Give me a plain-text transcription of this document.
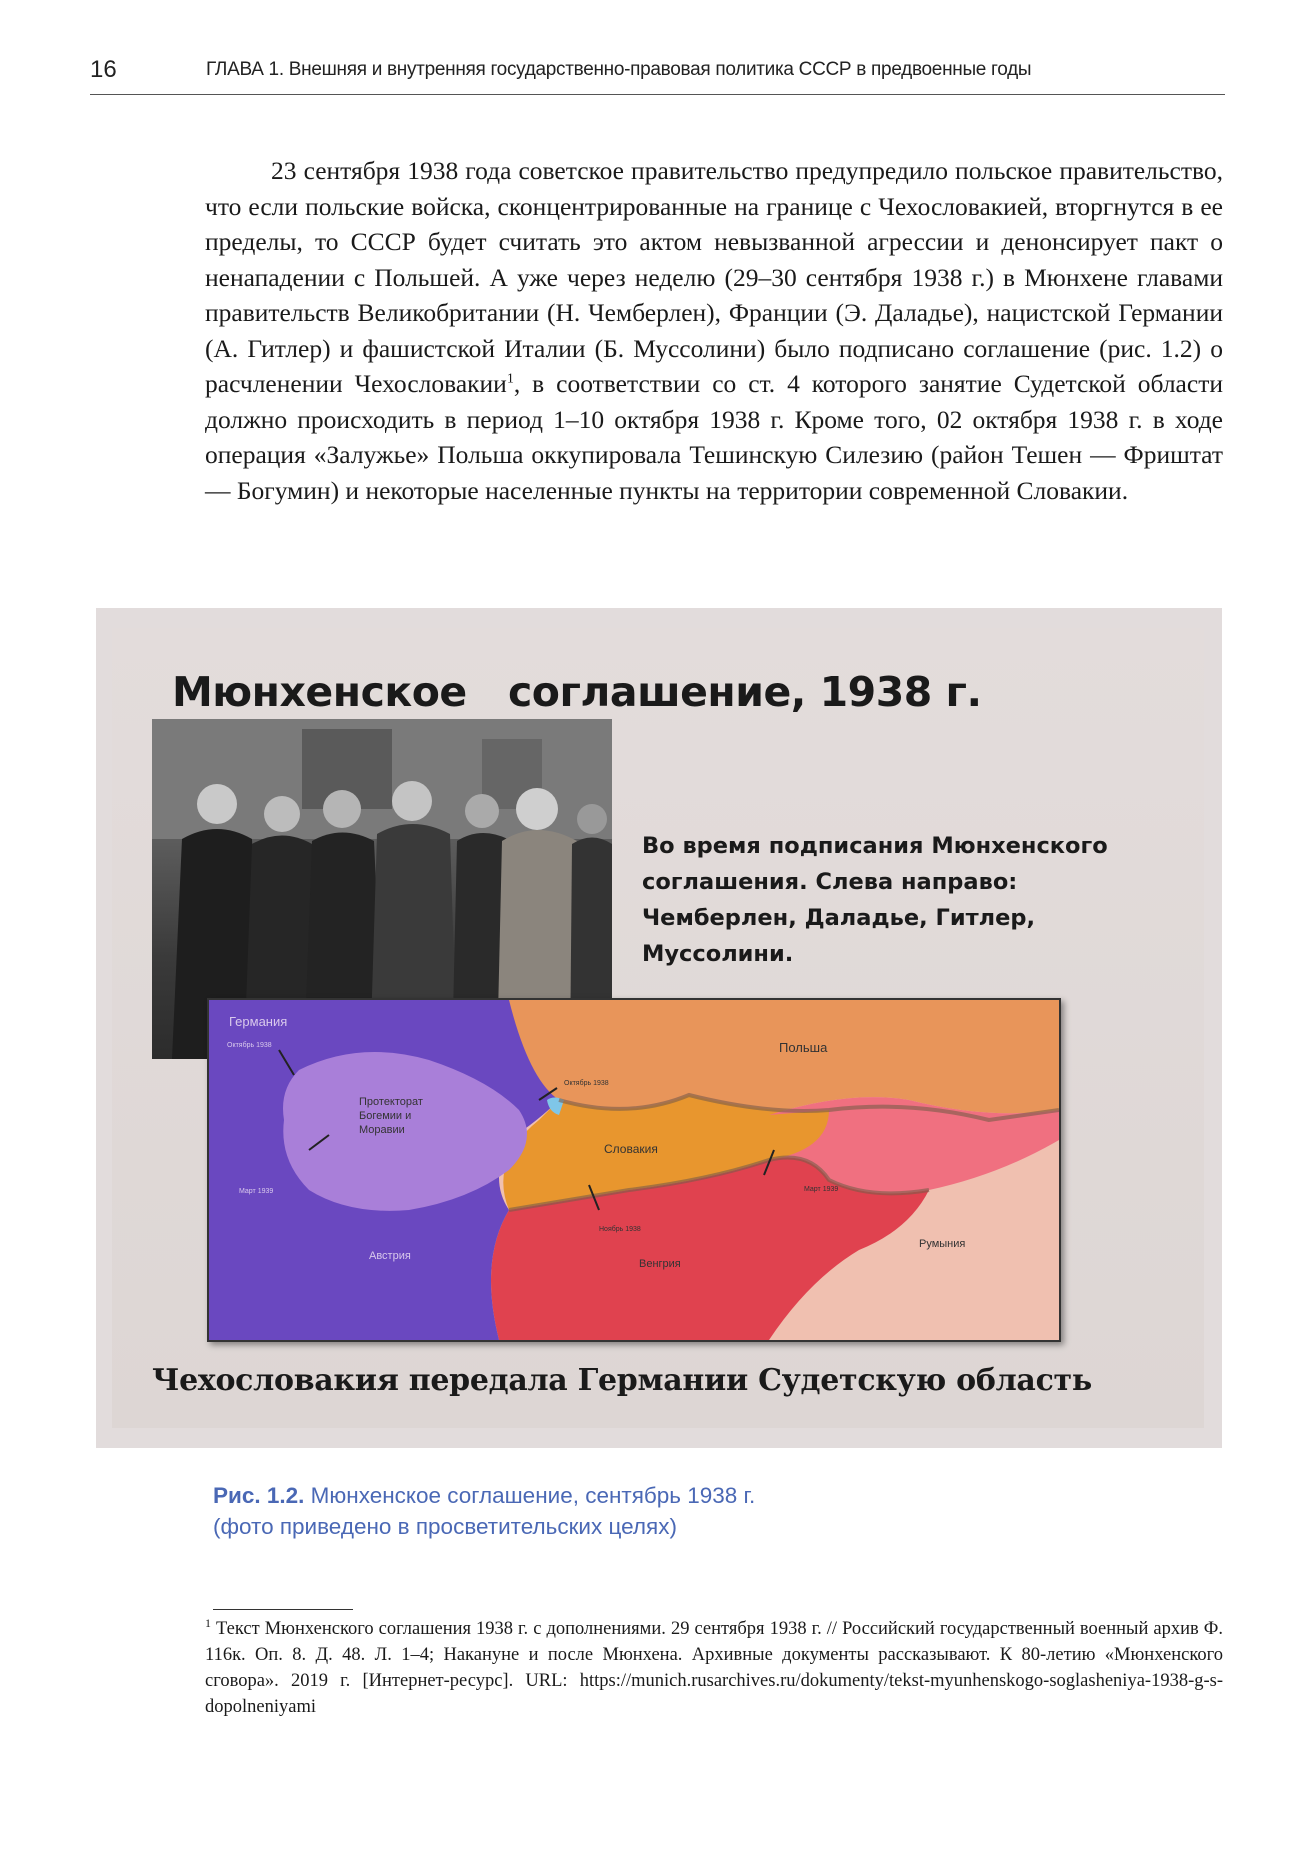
16	ГЛАВА 1. Внешняя и внутренняя государственно-правовая политика СССР в предвоенные годы

23 сентября 1938 года советское правительство предупредило польское правительство, что если польские войска, сконцентрированные на границе с Чехословакией, вторгнутся в ее пределы, то СССР будет считать это актом невызванной агрессии и денонсирует пакт о ненападении с Польшей. А уже через неделю (29–30 сентября 1938 г.) в Мюнхене главами правительств Великобритании (Н. Чемберлен), Франции (Э. Даладье), нацистской Германии (А. Гитлер) и фашистской Италии (Б. Муссолини) было подписано соглашение (рис. 1.2) о расчленении Чехословакии$^1$, в соответствии со ст. 4 которого занятие Судетской области должно происходить в период 1–10 октября 1938 г. Кроме того, 02 октября 1938 г. в ходе операция «Залужье» Польша оккупировала Тешинскую Силезию (район Тешен — Фриштат — Богумин) и некоторые населенные пункты на территории современной Словакии.

Мюнхенское   соглашение, 1938 г.
Во время подписания Мюнхенского соглашения. Слева направо: Чемберлен, Даладье, Гитлер, Муссолини.
Германия
Октябрь 1938
Протекторат Богемии и Моравии
Март 1939
Польша
Октябрь 1938
Словакия
Март 1939
Ноябрь 1938
Венгрия
Австрия
Румыния
Чехословакия передала Германии Судетскую область
Рис. 1.2. Мюнхенское соглашение, сентябрь 1938 г.
(фото приведено в просветительских целях)

$^1$ Текст Мюнхенского соглашения 1938 г. с дополнениями. 29 сентября 1938 г. // Российский государственный военный архив Ф. 116к. Оп. 8. Д. 48. Л. 1–4; Накануне и после Мюнхена. Архивные документы рассказывают. К 80-летию «Мюнхенского сговора». 2019 г. [Интернет-ресурс]. URL: https://munich.rusarchives.ru/dokumenty/tekst-myunhenskogo-soglasheniya-1938-g-s-dopolneniyami
